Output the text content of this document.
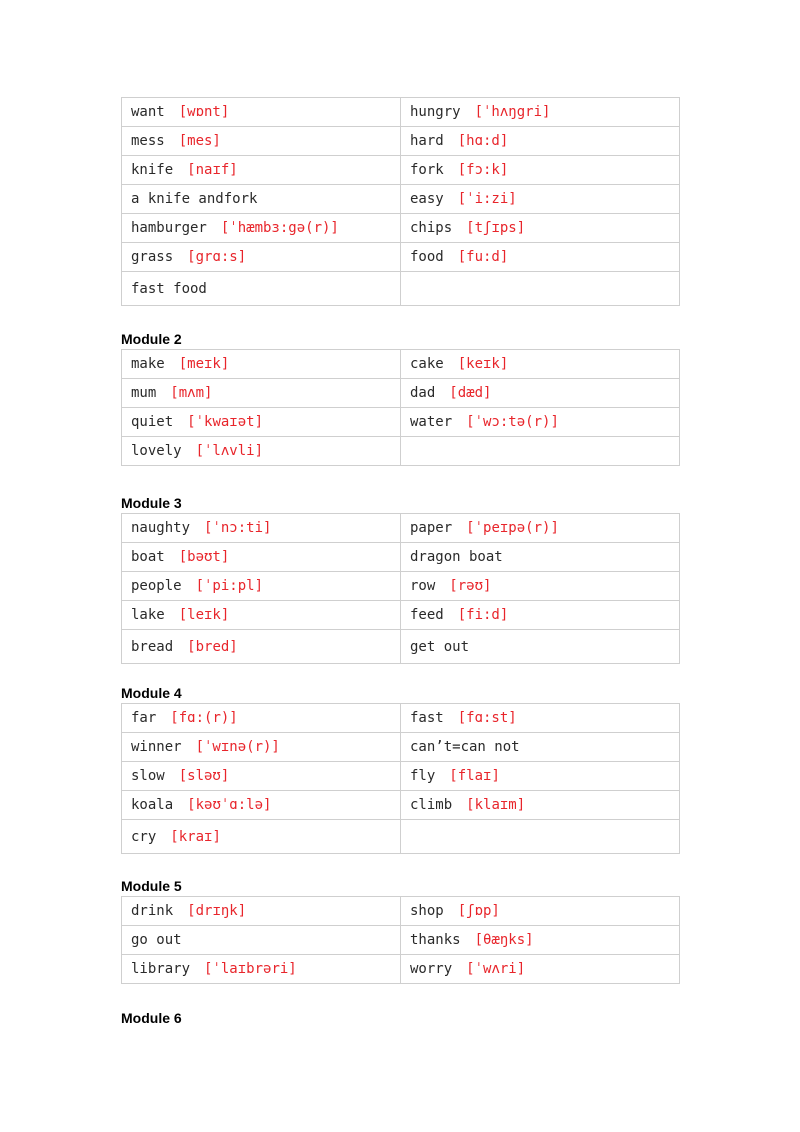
want [wɒnt]	hungry [ˈhʌŋgri]
mess [mes]	hard [hɑ:d]
knife [naɪf]	fork [fɔ:k]
a knife andfork	easy [ˈi:zi]
hamburger [ˈhæmbɜ:gə(r)]	chips [tʃɪps]
grass [grɑ:s]	food [fu:d]
fast food	
Module 2
make [meɪk]	cake [keɪk]
mum [mʌm]	dad [dæd]
quiet [ˈkwaɪət]	water [ˈwɔ:tə(r)]
lovely [ˈlʌvli]	
Module 3
naughty [ˈnɔ:ti]	paper [ˈpeɪpə(r)]
boat [bəʊt]	dragon boat
people [ˈpi:pl]	row [rəʊ]
lake [leɪk]	feed [fi:d]
bread [bred]	get out
Module 4
far [fɑ:(r)]	fast [fɑ:st]
winner [ˈwɪnə(r)]	can’t=can not
slow [sləʊ]	fly [flaɪ]
koala [kəʊˈɑ:lə]	climb [klaɪm]
cry [kraɪ]	
Module 5
drink [drɪŋk]	shop [ʃɒp]
go out	thanks [θæŋks]
library [ˈlaɪbrəri]	worry [ˈwʌri]
Module 6
